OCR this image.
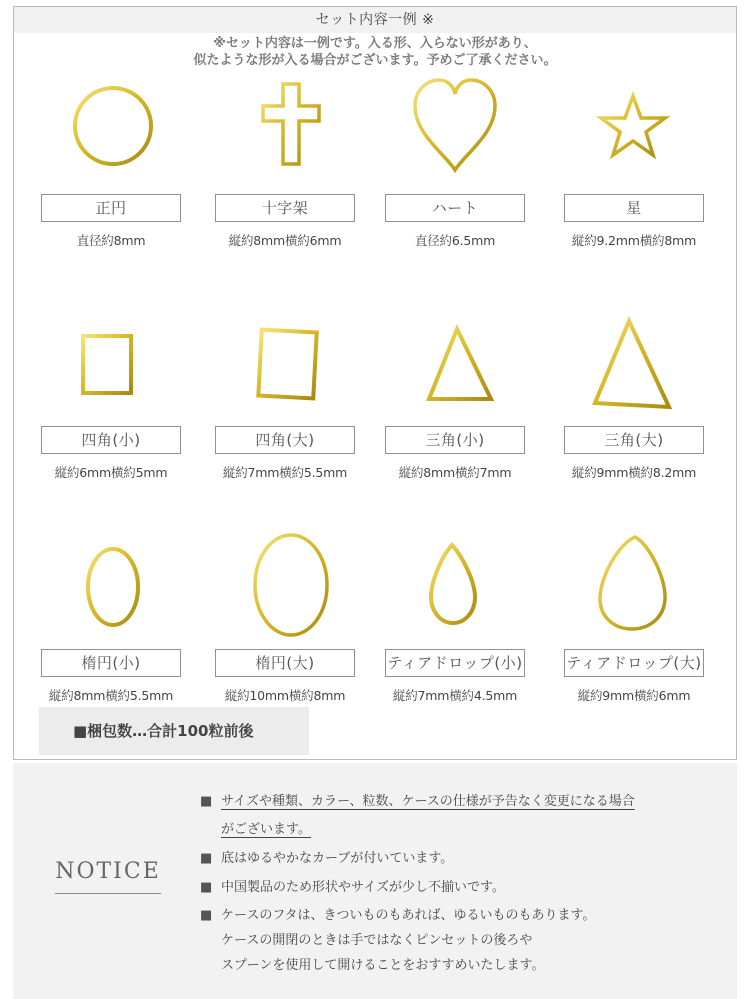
セット内容一例 ※
※セット内容は一例です。入る形、入らない形があり、
似たような形が入る場合がございます。予めご了承ください。
正円	十字架	ハート	星
直径約8mm	縦約8mm横約6mm	直径約6.5mm	縦約9.2mm横約8mm
四角(小)	四角(大)	三角(小)	三角(大)
縦約6mm横約5mm	縦約7mm横約5.5mm	縦約8mm横約7mm	縦約9mm横約8.2mm
楕円(小)	楕円(大)	ティアドロップ(小)	ティアドロップ(大)
縦約8mm横約5.5mm	縦約10mm横約8mm	縦約7mm横約4.5mm	縦約9mm横約6mm
■梱包数…合計100粒前後
NOTICE
■ サイズや種類、カラー、粒数、ケースの仕様が予告なく変更になる場合
がございます。
■ 底はゆるやかなカーブが付いています。
■ 中国製品のため形状やサイズが少し不揃いです。
■ ケースのフタは、きついものもあれば、ゆるいものもあります。
ケースの開閉のときは手ではなくピンセットの後ろや
スプーンを使用して開けることをおすすめいたします。
